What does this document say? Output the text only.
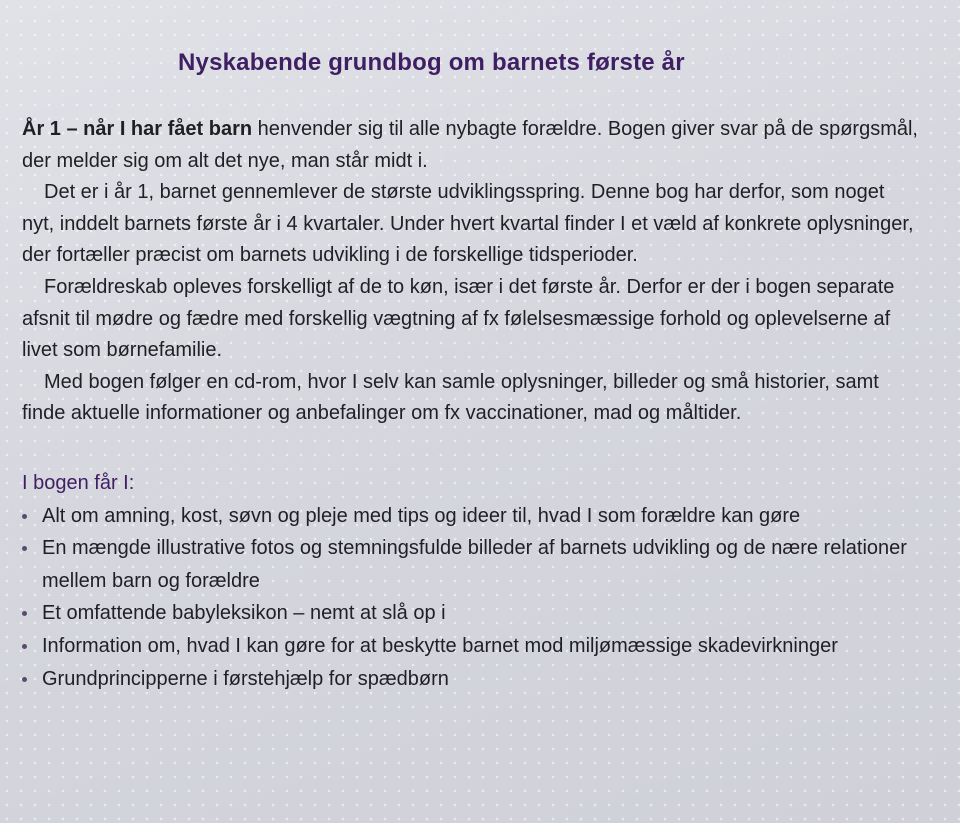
Nyskabende grundbog om barnets første år

År 1 – når I har fået barn henvender sig til alle nybagte forældre. Bogen giver svar på de spørgsmål, der melder sig om alt det nye, man står midt i.

Det er i år 1, barnet gennemlever de største udviklingsspring. Denne bog har derfor, som noget nyt, inddelt barnets første år i 4 kvartaler. Under hvert kvartal finder I et væld af konkrete oplysninger, der fortæller præcist om barnets udvikling i de forskellige tidsperioder.

Forældreskab opleves forskelligt af de to køn, især i det første år. Derfor er der i bogen separate afsnit til mødre og fædre med forskellig vægtning af fx følelsesmæssige forhold og oplevelserne af livet som børnefamilie.

Med bogen følger en cd-rom, hvor I selv kan samle oplysninger, billeder og små historier, samt finde aktuelle informationer og anbefalinger om fx vaccinationer, mad og måltider.

I bogen får I:

Alt om amning, kost, søvn og pleje med tips og ideer til, hvad I som forældre kan gøre
En mængde illustrative fotos og stemningsfulde billeder af barnets udvikling og de nære relationer mellem barn og forældre
Et omfattende babyleksikon – nemt at slå op i
Information om, hvad I kan gøre for at beskytte barnet mod miljømæssige skadevirkninger
Grundprincipperne i førstehjælp for spædbørn
